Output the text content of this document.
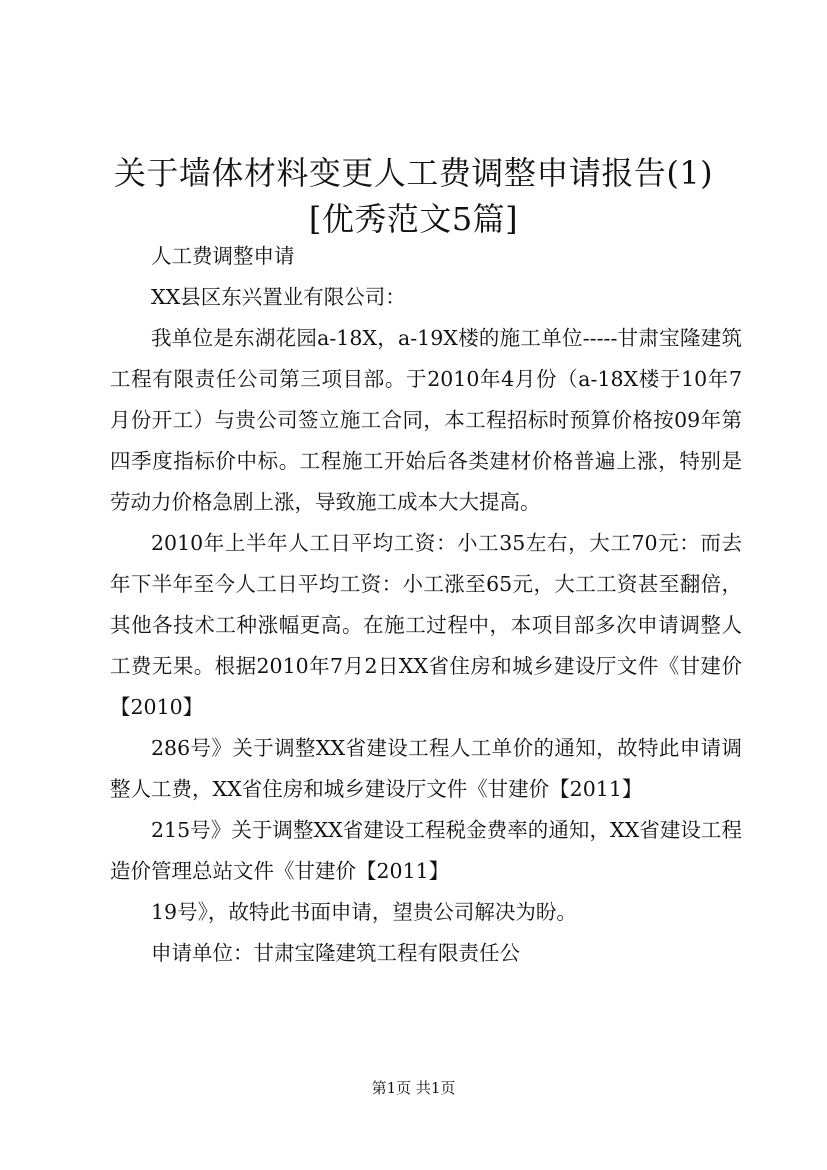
关于墙体材料变更人工费调整申请报告(1)[优秀范文5篇]

人工费调整申请

XX县区东兴置业有限公司：

我单位是东湖花园a-18X，a-19X楼的施工单位-----甘肃宝隆建筑工程有限责任公司第三项目部。于2010年4月份（a-18X楼于10年7月份开工）与贵公司签立施工合同，本工程招标时预算价格按09年第四季度指标价中标。工程施工开始后各类建材价格普遍上涨，特别是劳动力价格急剧上涨，导致施工成本大大提高。

2010年上半年人工日平均工资：小工35左右，大工70元：而去年下半年至今人工日平均工资：小工涨至65元，大工工资甚至翻倍，其他各技术工种涨幅更高。在施工过程中，本项目部多次申请调整人工费无果。根据2010年7月2日XX省住房和城乡建设厅文件《甘建价【2010】

286号》关于调整XX省建设工程人工单价的通知，故特此申请调整人工费，XX省住房和城乡建设厅文件《甘建价【2011】

215号》关于调整XX省建设工程税金费率的通知，XX省建设工程造价管理总站文件《甘建价【2011】

19号》，故特此书面申请，望贵公司解决为盼。

申请单位：甘肃宝隆建筑工程有限责任公

第1页 共1页
